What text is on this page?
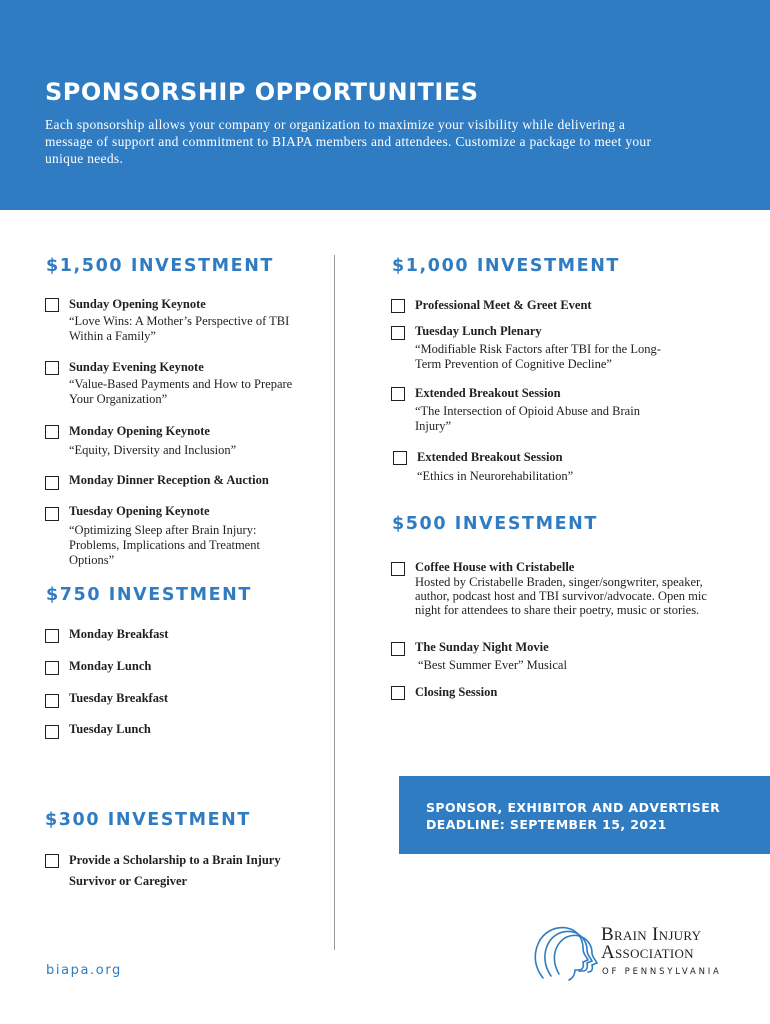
SPONSORSHIP OPPORTUNITIES
Each sponsorship allows your company or organization to maximize your visibility while delivering a message of support and commitment to BIAPA members and attendees. Customize a package to meet your unique needs.
$1,500 INVESTMENT
Sunday Opening Keynote
“Love Wins: A Mother’s Perspective of TBI Within a Family”
Sunday Evening Keynote
“Value-Based Payments and How to Prepare Your Organization”
Monday Opening Keynote
“Equity, Diversity and Inclusion”
Monday Dinner Reception & Auction
Tuesday Opening Keynote
“Optimizing Sleep after Brain Injury: Problems, Implications and Treatment Options”
$750 INVESTMENT
Monday Breakfast
Monday Lunch
Tuesday Breakfast
Tuesday Lunch
$300 INVESTMENT
Provide a Scholarship to a Brain Injury
Survivor or Caregiver
$1,000 INVESTMENT
Professional Meet & Greet Event
Tuesday Lunch Plenary
“Modifiable Risk Factors after TBI for the Long-Term Prevention of Cognitive Decline”
Extended Breakout Session
“The Intersection of Opioid Abuse and Brain Injury”
Extended Breakout Session
“Ethics in Neurorehabilitation”
$500 INVESTMENT
Coffee House with Cristabelle
Hosted by Cristabelle Braden, singer/songwriter, speaker, author, podcast host and TBI survivor/advocate. Open mic night for attendees to share their poetry, music or stories.
The Sunday Night Movie
“Best Summer Ever” Musical
Closing Session
SPONSOR, EXHIBITOR AND ADVERTISER
DEADLINE: SEPTEMBER 15, 2021
biapa.org
Brain Injury
Association
OF PENNSYLVANIA
